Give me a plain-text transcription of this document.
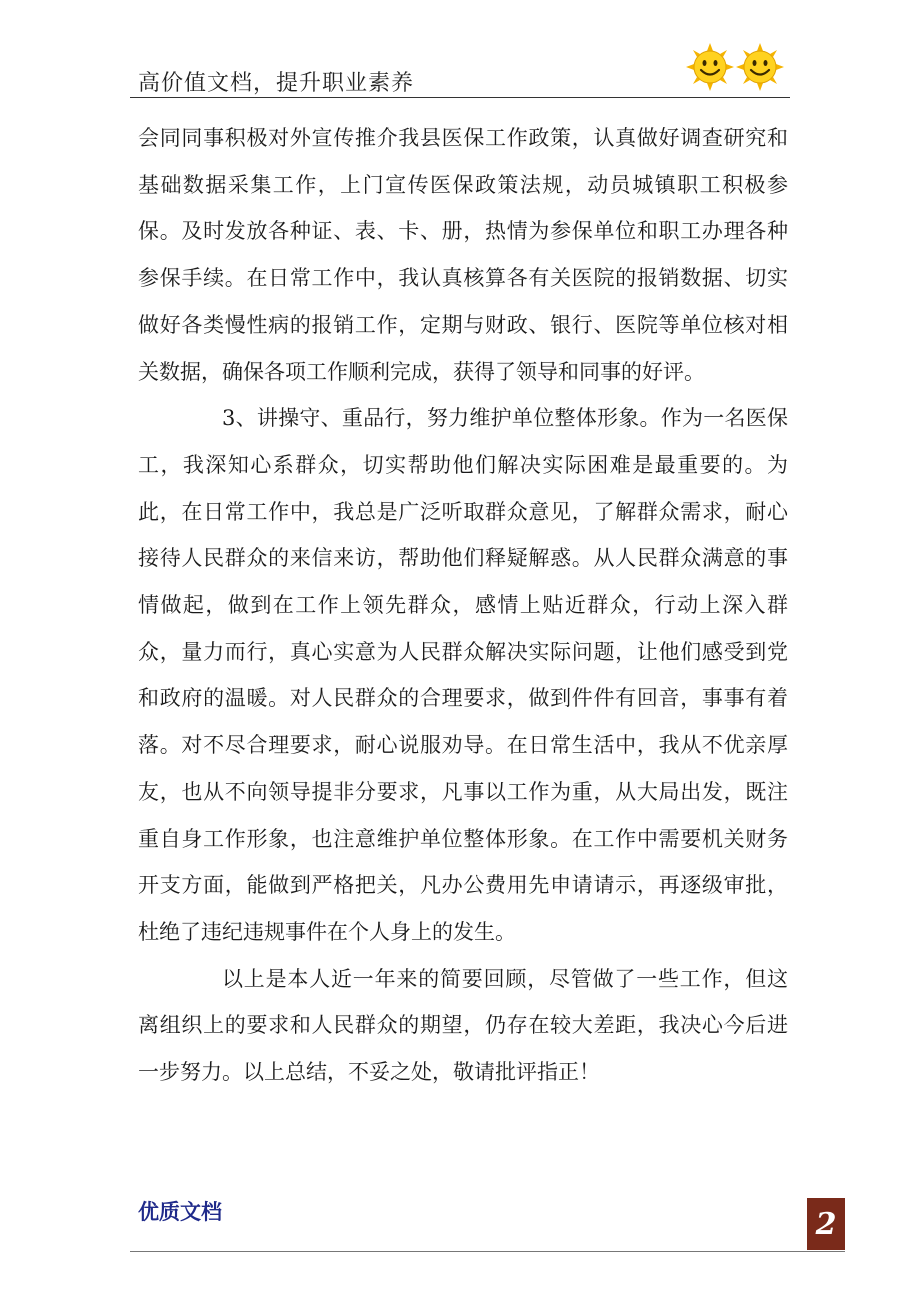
高价值文档，提升职业素养

会同同事积极对外宣传推介我县医保工作政策，认真做好调查研究和基础数据采集工作，上门宣传医保政策法规，动员城镇职工积极参保。及时发放各种证、表、卡、册，热情为参保单位和职工办理各种参保手续。在日常工作中，我认真核算各有关医院的报销数据、切实做好各类慢性病的报销工作，定期与财政、银行、医院等单位核对相关数据，确保各项工作顺利完成，获得了领导和同事的好评。

3、讲操守、重品行，努力维护单位整体形象。作为一名医保工，我深知心系群众，切实帮助他们解决实际困难是最重要的。为此，在日常工作中，我总是广泛听取群众意见，了解群众需求，耐心接待人民群众的来信来访，帮助他们释疑解惑。从人民群众满意的事情做起，做到在工作上领先群众，感情上贴近群众，行动上深入群众，量力而行，真心实意为人民群众解决实际问题，让他们感受到党和政府的温暖。对人民群众的合理要求，做到件件有回音，事事有着落。对不尽合理要求，耐心说服劝导。在日常生活中，我从不优亲厚友，也从不向领导提非分要求，凡事以工作为重，从大局出发，既注重自身工作形象，也注意维护单位整体形象。在工作中需要机关财务开支方面，能做到严格把关，凡办公费用先申请请示，再逐级审批，杜绝了违纪违规事件在个人身上的发生。

以上是本人近一年来的简要回顾，尽管做了一些工作，但这离组织上的要求和人民群众的期望，仍存在较大差距，我决心今后进一步努力。以上总结，不妥之处，敬请批评指正！

优质文档	2
